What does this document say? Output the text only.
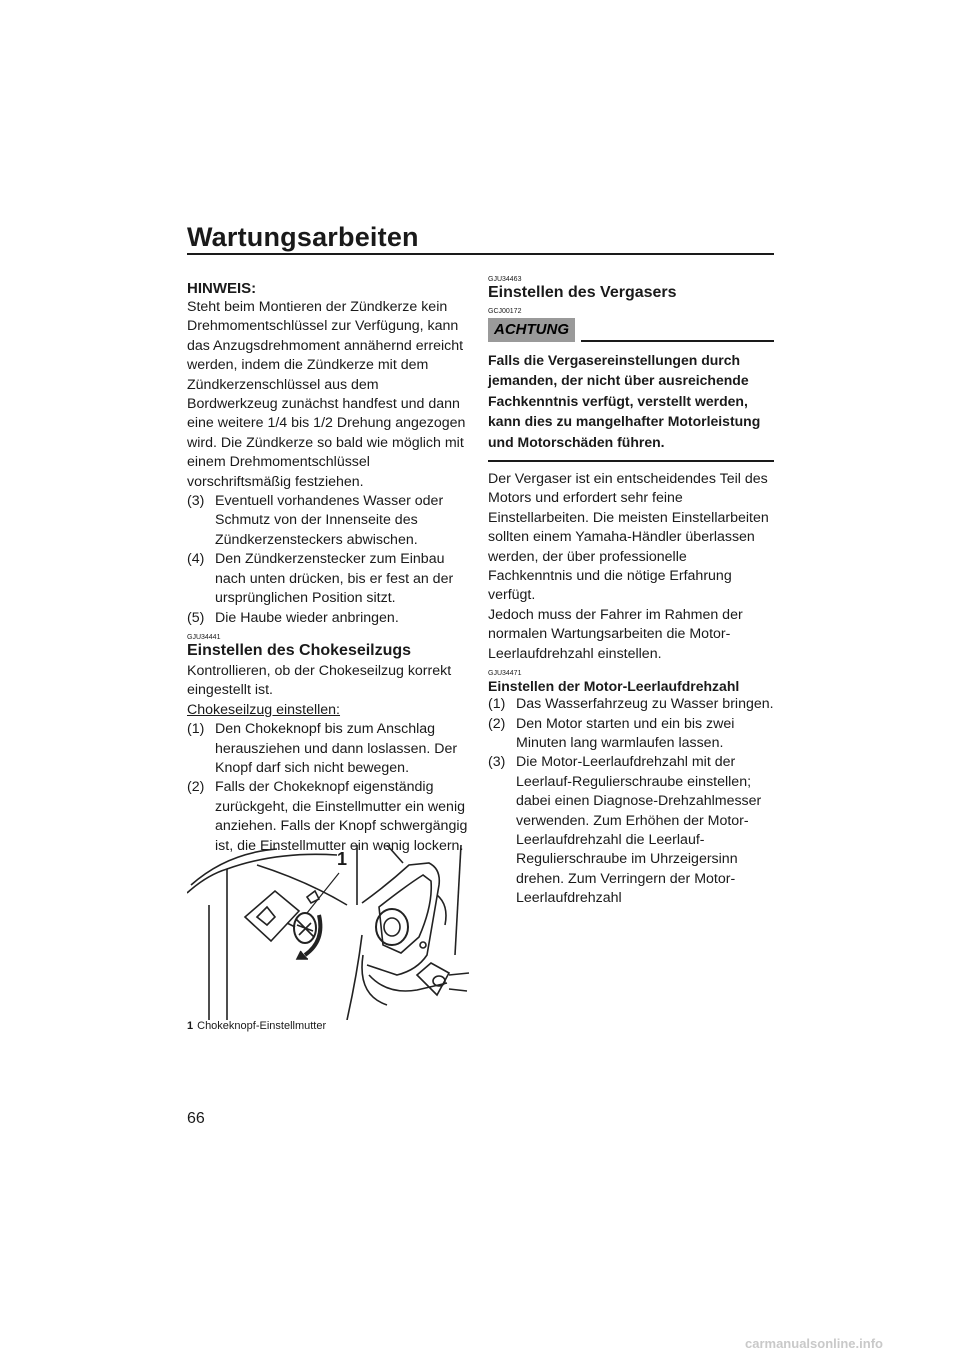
Wartungsarbeiten
HINWEIS:

Steht beim Montieren der Zündkerze kein Drehmomentschlüssel zur Verfügung, kann das Anzugsdrehmoment annähernd erreicht werden, indem die Zündkerze mit dem Zündkerzenschlüssel aus dem Bordwerkzeug zunächst handfest und dann eine weitere 1/4 bis 1/2 Drehung angezogen wird. Die Zündkerze so bald wie möglich mit einem Drehmomentschlüssel vorschriftsmäßig festziehen.

(3) Eventuell vorhandenes Wasser oder Schmutz von der Innenseite des Zündkerzensteckers abwischen.
(4) Den Zündkerzenstecker zum Einbau nach unten drücken, bis er fest an der ursprünglichen Position sitzt.
(5) Die Haube wieder anbringen.
GJU34441
Einstellen des Chokeseilzugs

Kontrollieren, ob der Chokeseilzug korrekt eingestellt ist.

Chokeseilzug einstellen:

(1) Den Chokeknopf bis zum Anschlag herausziehen und dann loslassen. Der Knopf darf sich nicht bewegen.
(2) Falls der Chokeknopf eigenständig zurückgeht, die Einstellmutter ein wenig anziehen. Falls der Knopf schwergängig ist, die Einstellmutter ein wenig lockern.
1
1 Chokeknopf-Einstellmutter
GJU34463
Einstellen des Vergasers
GCJ00172
ACHTUNG

Falls die Vergasereinstellungen durch jemanden, der nicht über ausreichende Fachkenntnis verfügt, verstellt werden, kann dies zu mangelhafter Motorleistung und Motorschäden führen.

Der Vergaser ist ein entscheidendes Teil des Motors und erfordert sehr feine Einstellarbeiten. Die meisten Einstellarbeiten sollten einem Yamaha-Händler überlassen werden, der über professionelle Fachkenntnis und die nötige Erfahrung verfügt.

Jedoch muss der Fahrer im Rahmen der normalen Wartungsarbeiten die Motor-Leerlaufdrehzahl einstellen.

GJU34471
Einstellen der Motor-Leerlaufdrehzahl
(1) Das Wasserfahrzeug zu Wasser bringen.
(2) Den Motor starten und ein bis zwei Minuten lang warmlaufen lassen.
(3) Die Motor-Leerlaufdrehzahl mit der Leerlauf-Regulierschraube einstellen; dabei einen Diagnose-Drehzahlmesser verwenden. Zum Erhöhen der Motor-Leerlaufdrehzahl die Leerlauf-Regulierschraube im Uhrzeigersinn drehen. Zum Verringern der Motor-Leerlaufdrehzahl
66
carmanualsonline.info
